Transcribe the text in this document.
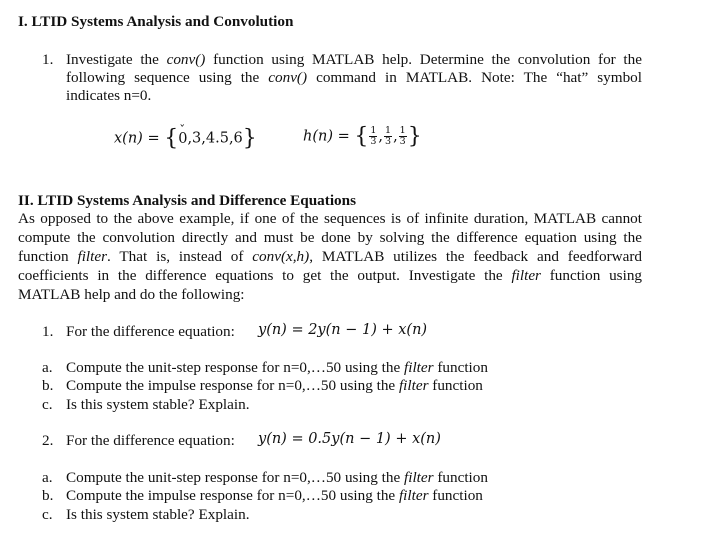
I. LTID Systems Analysis and Convolution
1. Investigate the conv() function using MATLAB help. Determine the convolution for the
following sequence using the conv() command in MATLAB. Note: The “hat” symbol
indicates n=0.
x(n) = {0 ˇ,3,4.5,6}	h(n) = { $\frac{1}{3}$ , $\frac{1}{3}$ , $\frac{1}{3}$ }
II. LTID Systems Analysis and Difference Equations
As opposed to the above example, if one of the sequences is of infinite duration, MATLAB cannot
compute the convolution directly and must be done by solving the difference equation using the
function filter. That is, instead of conv(x,h), MATLAB utilizes the feedback and feedforward
coefficients in the difference equations to get the output. Investigate the filter function using
MATLAB help and do the following:
1. For the difference equation: y(n) = 2y(n − 1) + x(n)
a. Compute the unit-step response for n=0,…50 using the filter function
b. Compute the impulse response for n=0,…50 using the filter function
c. Is this system stable? Explain.
2. For the difference equation: y(n) = 0.5y(n − 1) + x(n)
a. Compute the unit-step response for n=0,…50 using the filter function
b. Compute the impulse response for n=0,…50 using the filter function
c. Is this system stable? Explain.
